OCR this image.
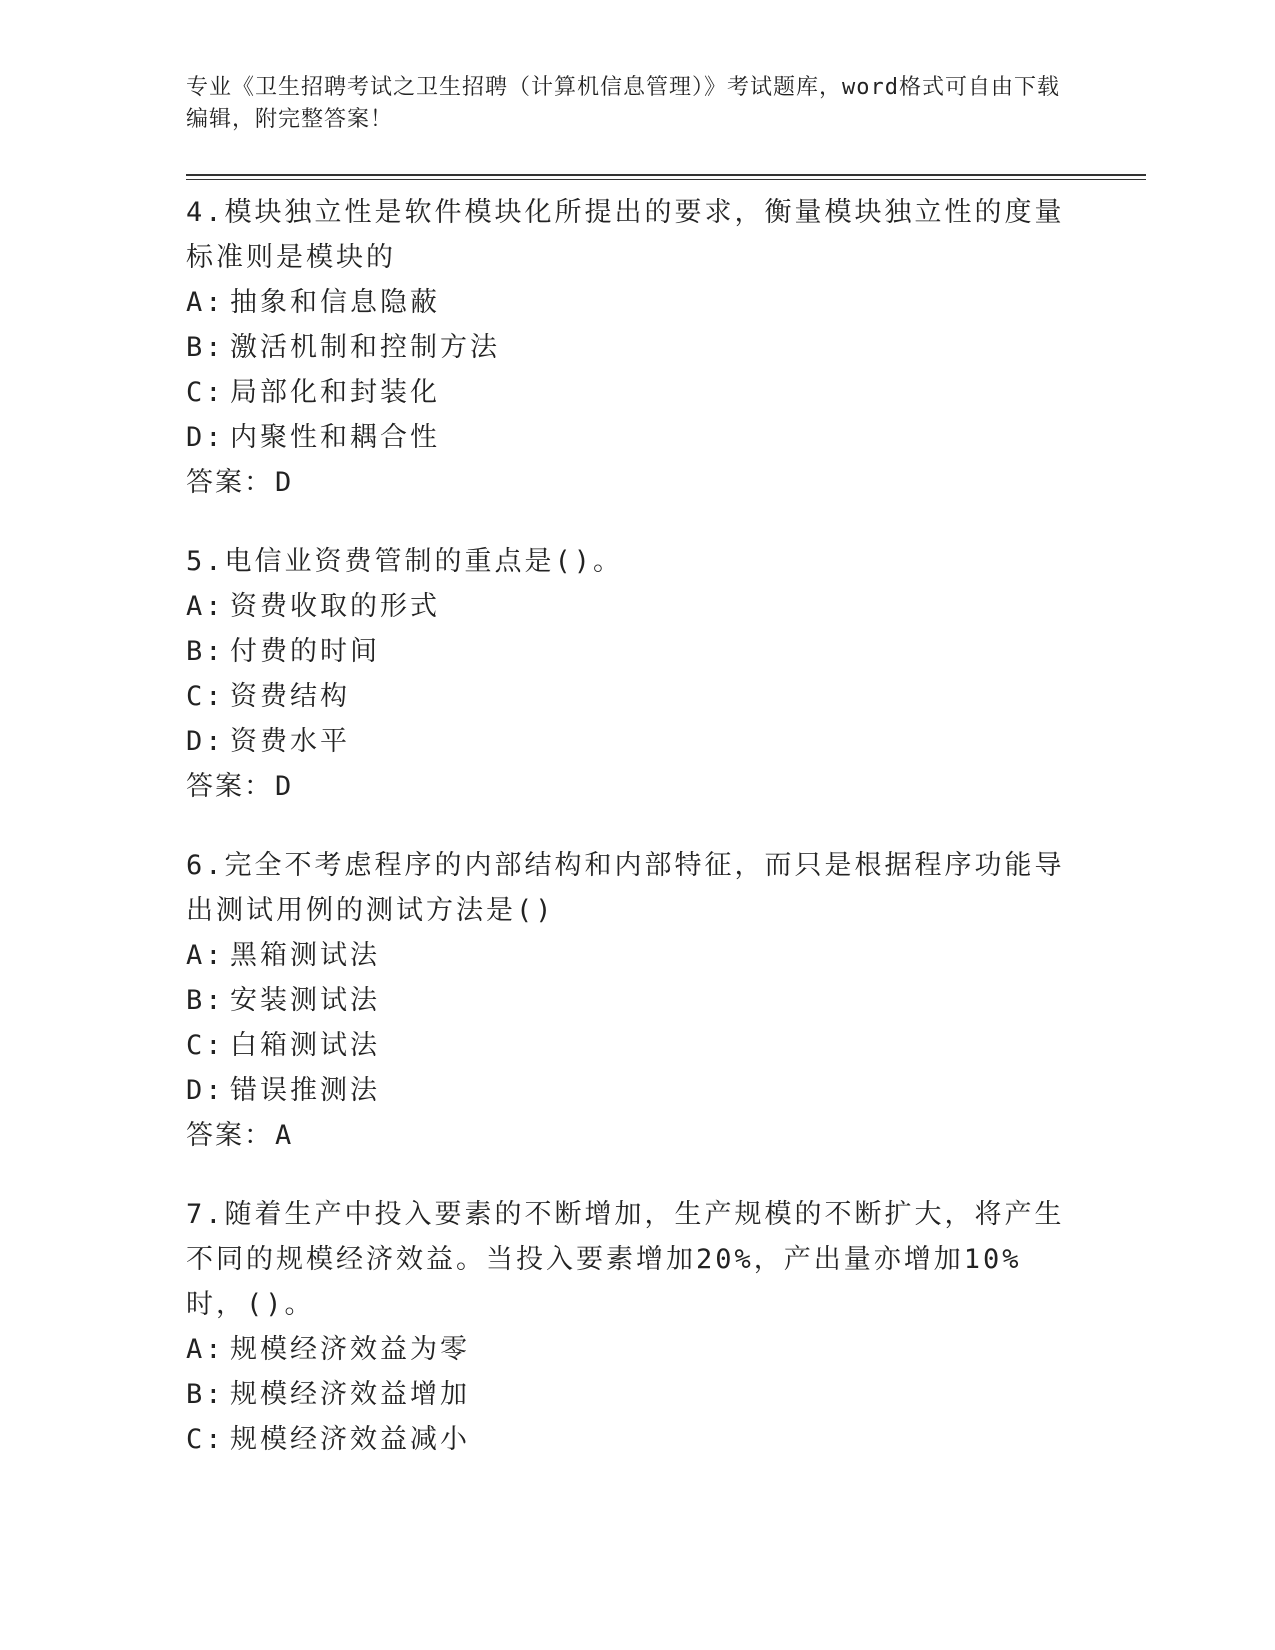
专业《卫生招聘考试之卫生招聘（计算机信息管理）》考试题库，word格式可自由下载编辑，附完整答案！

4.模块独立性是软件模块化所提出的要求，衡量模块独立性的度量标准则是模块的

A: 抽象和信息隐蔽
B: 激活机制和控制方法
C: 局部化和封装化
D: 内聚性和耦合性
答案： D

5.电信业资费管制的重点是()。

A: 资费收取的形式
B: 付费的时间
C: 资费结构
D: 资费水平
答案： D

6.完全不考虑程序的内部结构和内部特征，而只是根据程序功能导出测试用例的测试方法是()

A: 黑箱测试法
B: 安装测试法
C: 白箱测试法
D: 错误推测法
答案： A

7.随着生产中投入要素的不断增加，生产规模的不断扩大，将产生不同的规模经济效益。当投入要素增加20%，产出量亦增加10%时，()。

A: 规模经济效益为零
B: 规模经济效益增加
C: 规模经济效益减小
